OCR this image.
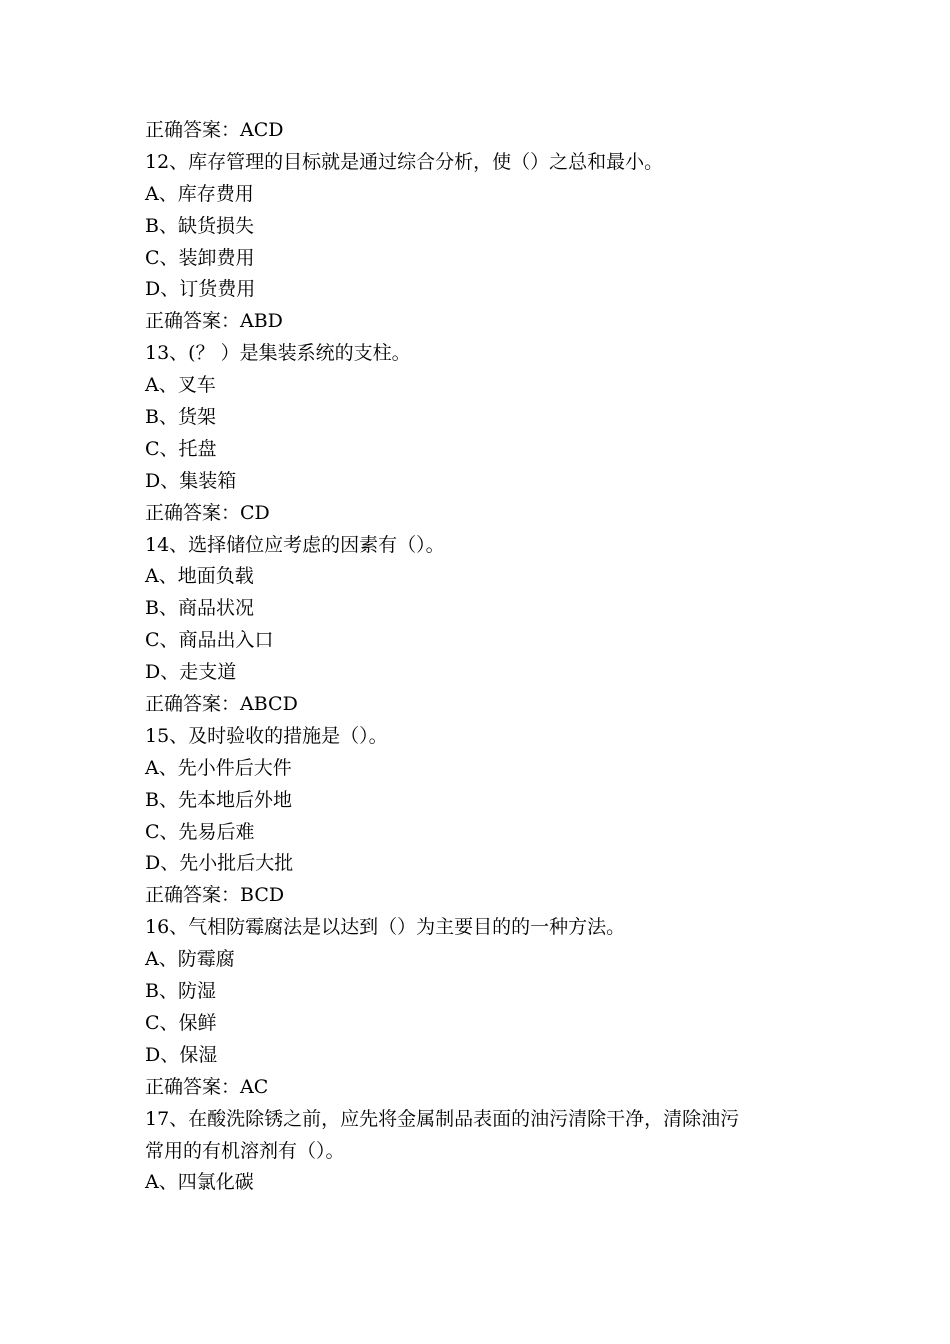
正确答案：ACD
12、库存管理的目标就是通过综合分析，使（）之总和最小。
A、库存费用
B、缺货损失
C、装卸费用
D、订货费用
正确答案：ABD
13、(？ ）是集装系统的支柱。
A、叉车
B、货架
C、托盘
D、集装箱
正确答案：CD
14、选择储位应考虑的因素有（）。
A、地面负载
B、商品状况
C、商品出入口
D、走支道
正确答案：ABCD
15、及时验收的措施是（）。
A、先小件后大件
B、先本地后外地
C、先易后难
D、先小批后大批
正确答案：BCD
16、气相防霉腐法是以达到（）为主要目的的一种方法。
A、防霉腐
B、防湿
C、保鲜
D、保湿
正确答案：AC
17、在酸洗除锈之前，应先将金属制品表面的油污清除干净，清除油污
常用的有机溶剂有（）。
A、四氯化碳
